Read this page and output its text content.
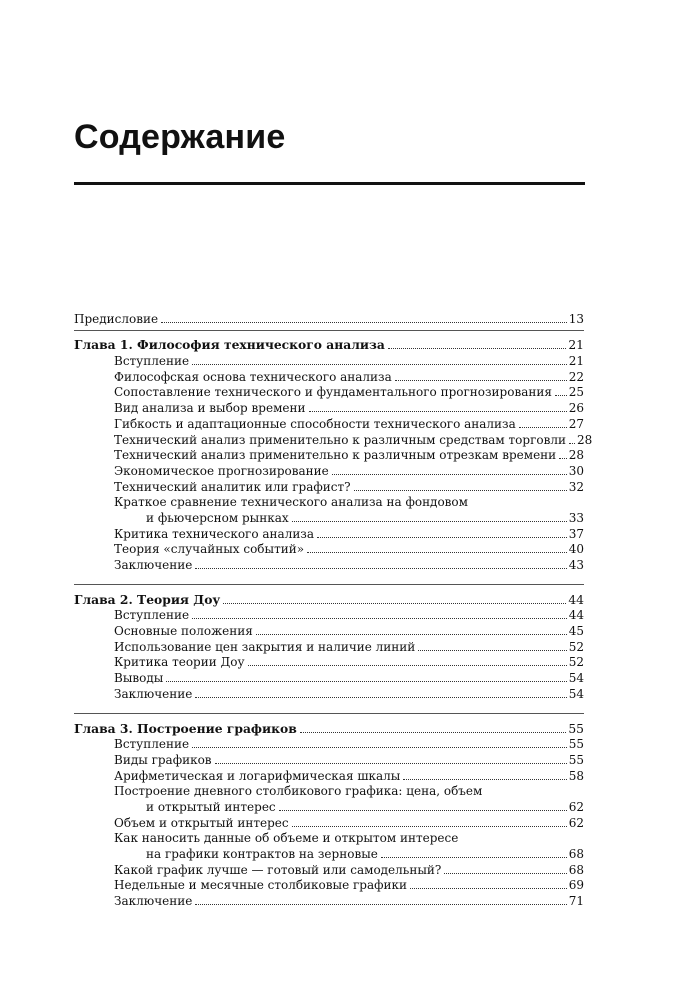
Содержание
Предисловие	13
Глава 1. Философия технического анализа	21
Вступление	21
Философская основа технического анализа	22
Сопоставление технического и фундаментального прогнозирования 25
Вид анализа и выбор времени	26
Гибкость и адаптационные способности технического анализа	27
Технический анализ применительно к различным средствам торговли 28
Технический анализ применительно к различным отрезкам времени 28
Экономическое прогнозирование	30
Технический аналитик или графист?	32
Краткое сравнение технического анализа на фондовом
и фьючерсном рынках	33
Критика технического анализа	37
Теория «случайных событий»	40
Заключение	43
Глава 2. Теория Доу	44
Вступление	44
Основные положения	45
Использование цен закрытия и наличие линий	52
Критика теории Доу	52
Выводы	54
Заключение	54
Глава 3. Построение графиков	55
Вступление	55
Виды графиков	55
Арифметическая и логарифмическая шкалы	58
Построение дневного столбикового графика: цена, объем
и открытый интерес	62
Объем и открытый интерес	62
Как наносить данные об объеме и открытом интересе
на графики контрактов на зерновые	68
Какой график лучше — готовый или самодельный?	68
Недельные и месячные столбиковые графики	69
Заключение	71
